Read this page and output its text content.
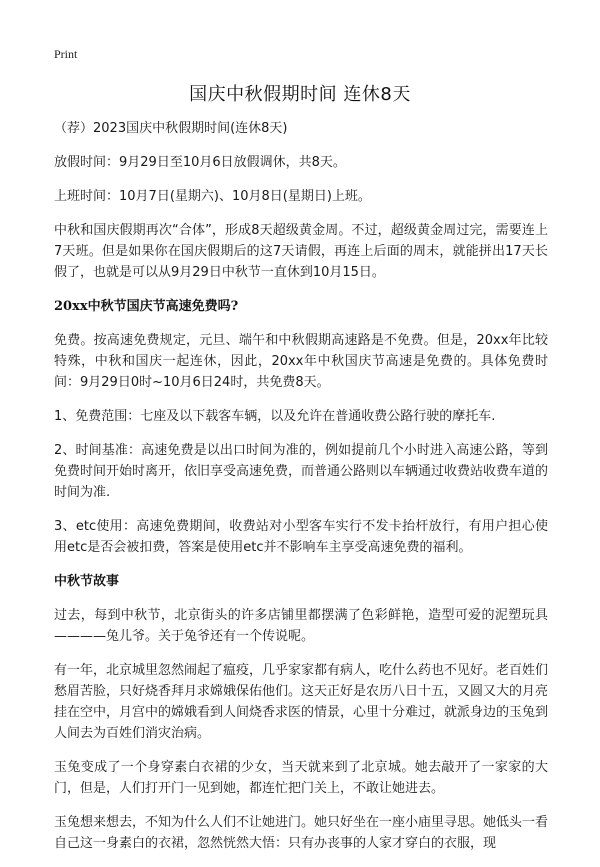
Print
国庆中秋假期时间 连休8天

（荐）2023国庆中秋假期时间(连休8天)

放假时间：9月29日至10月6日放假调休，共8天。

上班时间：10月7日(星期六)、10月8日(星期日)上班。

中秋和国庆假期再次“合体”，形成8天超级黄金周。不过，超级黄金周过完，需要连上7天班。但是如果你在国庆假期后的这7天请假，再连上后面的周末，就能拼出17天长假了，也就是可以从9月29日中秋节一直休到10月15日。

20xx中秋节国庆节高速免费吗?

免费。按高速免费规定，元旦、端午和中秋假期高速路是不免费。但是，20xx年比较特殊，中秋和国庆一起连休，因此，20xx年中秋国庆节高速是免费的。具体免费时间：9月29日0时~10月6日24时，共免费8天。

1、免费范围：七座及以下载客车辆，以及允许在普通收费公路行驶的摩托车.

2、时间基准：高速免费是以出口时间为准的，例如提前几个小时进入高速公路，等到免费时间开始时离开，依旧享受高速免费，而普通公路则以车辆通过收费站收费车道的时间为准.

3、etc使用：高速免费期间，收费站对小型客车实行不发卡抬杆放行，有用户担心使用etc是否会被扣费，答案是使用etc并不影响车主享受高速免费的福利。

中秋节故事

过去，每到中秋节，北京街头的许多店铺里都摆满了色彩鲜艳，造型可爱的泥塑玩具————兔儿爷。关于兔爷还有一个传说呢。

有一年，北京城里忽然闹起了瘟疫，几乎家家都有病人，吃什么药也不见好。老百姓们愁眉苦脸，只好烧香拜月求嫦娥保佑他们。这天正好是农历八日十五，又圆又大的月亮挂在空中，月宫中的嫦娥看到人间烧香求医的情景，心里十分难过，就派身边的玉兔到人间去为百姓们消灾治病。

玉兔变成了一个身穿素白衣裙的少女，当天就来到了北京城。她去敲开了一家家的大门，但是，人们打开门一见到她，都连忙把门关上，不敢让她进去。

玉兔想来想去，不知为什么人们不让她进门。她只好坐在一座小庙里寻思。她低头一看自己这一身素白的衣裙，忽然恍然大悟：只有办丧事的人家才穿白的衣服，现
